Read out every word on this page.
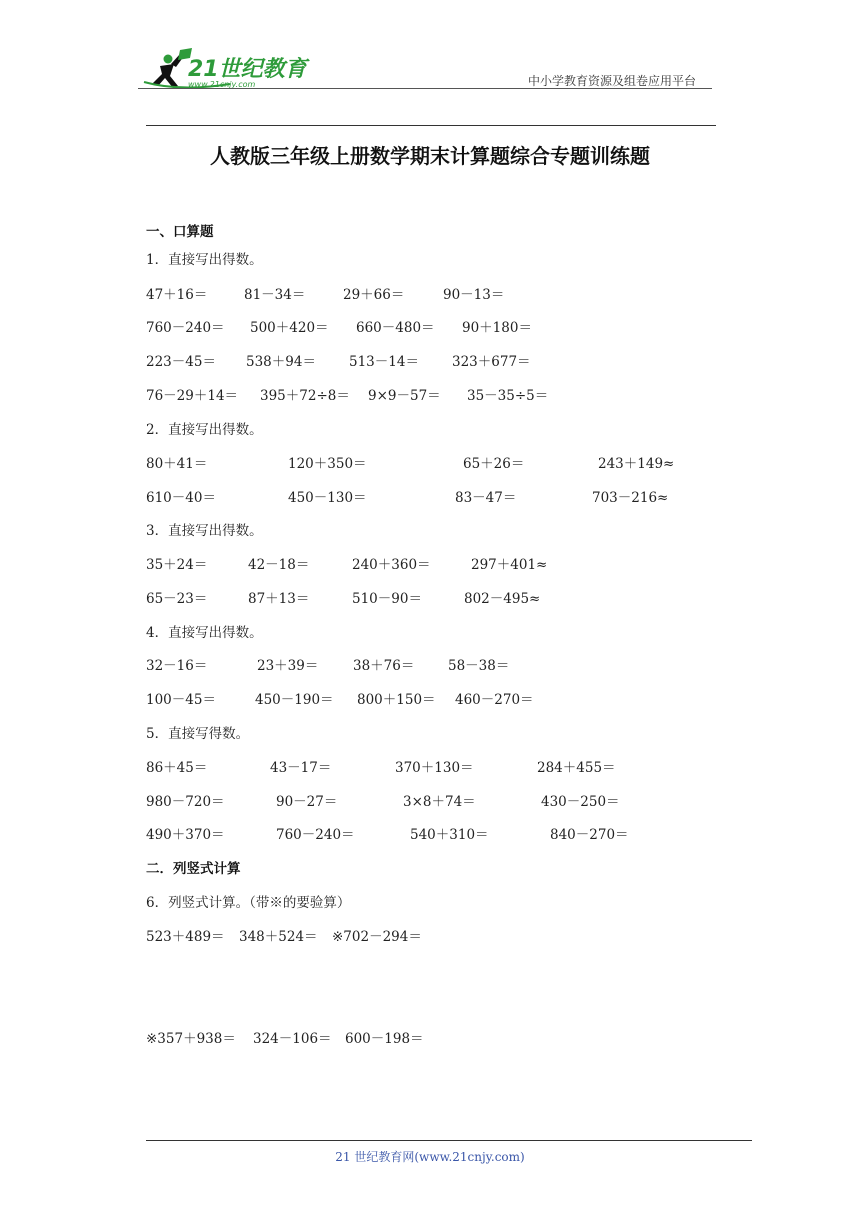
21世纪教育
www.21cnjy.com	中小学教育资源及组卷应用平台
人教版三年级上册数学期末计算题综合专题训练题
一、口算题
1．直接写出得数。
47＋16＝	81－34＝	29＋66＝	90－13＝
760－240＝ 500＋420＝ 660－480＝ 90＋180＝
223－45＝ 538＋94＝ 513－14＝ 323＋677＝
76－29＋14＝ 395＋72÷8＝ 9×9－57＝ 35－35÷5＝
2．直接写出得数。
80＋41＝	120＋350＝	65＋26＝	243＋149≈
610－40＝	450－130＝	83－47＝	703－216≈
3．直接写出得数。
35＋24＝	42－18＝	240＋360＝	297＋401≈
65－23＝	87＋13＝	510－90＝	802－495≈
4．直接写出得数。
32－16＝	23＋39＝	38＋76＝ 58－38＝
100－45＝	450－190＝ 800＋150＝ 460－270＝
5．直接写得数。
86＋45＝	43－17＝	370＋130＝	284＋455＝
980－720＝	90－27＝	3×8＋74＝	430－250＝
490＋370＝	760－240＝	540＋310＝	840－270＝
二．列竖式计算
6．列竖式计算。（带※的要验算）
523＋489＝ 348＋524＝ ※702－294＝
※357＋938＝ 324－106＝ 600－198＝
21 世纪教育网(www.21cnjy.com)
